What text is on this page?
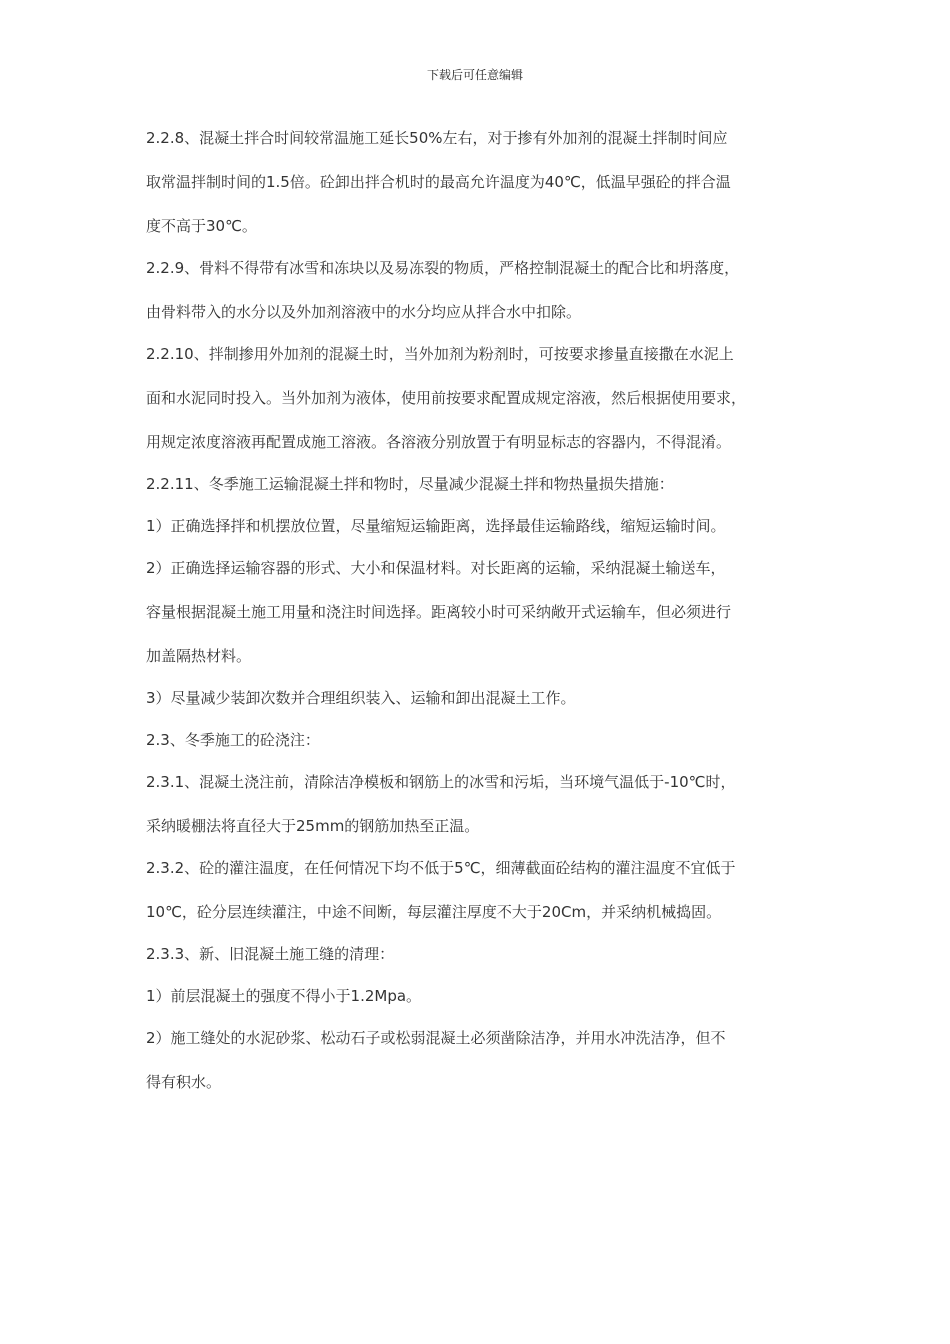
下载后可任意编辑
2.2.8、混凝土拌合时间较常温施工延长50%左右，对于掺有外加剂的混凝土拌制时间应
取常温拌制时间的1.5倍。砼卸出拌合机时的最高允许温度为40℃，低温早强砼的拌合温
度不高于30℃。
2.2.9、骨料不得带有冰雪和冻块以及易冻裂的物质，严格控制混凝土的配合比和坍落度，
由骨料带入的水分以及外加剂溶液中的水分均应从拌合水中扣除。
2.2.10、拌制掺用外加剂的混凝土时，当外加剂为粉剂时，可按要求掺量直接撒在水泥上
面和水泥同时投入。当外加剂为液体，使用前按要求配置成规定溶液，然后根据使用要求，
用规定浓度溶液再配置成施工溶液。各溶液分别放置于有明显标志的容器内，不得混淆。
2.2.11、冬季施工运输混凝土拌和物时，尽量减少混凝土拌和物热量损失措施：
1）正确选择拌和机摆放位置，尽量缩短运输距离，选择最佳运输路线，缩短运输时间。
2）正确选择运输容器的形式、大小和保温材料。对长距离的运输，采纳混凝土输送车，
容量根据混凝土施工用量和浇注时间选择。距离较小时可采纳敞开式运输车，但必须进行
加盖隔热材料。
3）尽量减少装卸次数并合理组织装入、运输和卸出混凝土工作。
2.3、冬季施工的砼浇注：
2.3.1、混凝土浇注前，清除洁净模板和钢筋上的冰雪和污垢，当环境气温低于-10℃时，
采纳暖棚法将直径大于25mm的钢筋加热至正温。
2.3.2、砼的灌注温度，在任何情况下均不低于5℃，细薄截面砼结构的灌注温度不宜低于
10℃，砼分层连续灌注，中途不间断，每层灌注厚度不大于20Cm，并采纳机械捣固。
2.3.3、新、旧混凝土施工缝的清理：
1）前层混凝土的强度不得小于1.2Mpa。
2）施工缝处的水泥砂浆、松动石子或松弱混凝土必须凿除洁净，并用水冲洗洁净，但不
得有积水。
